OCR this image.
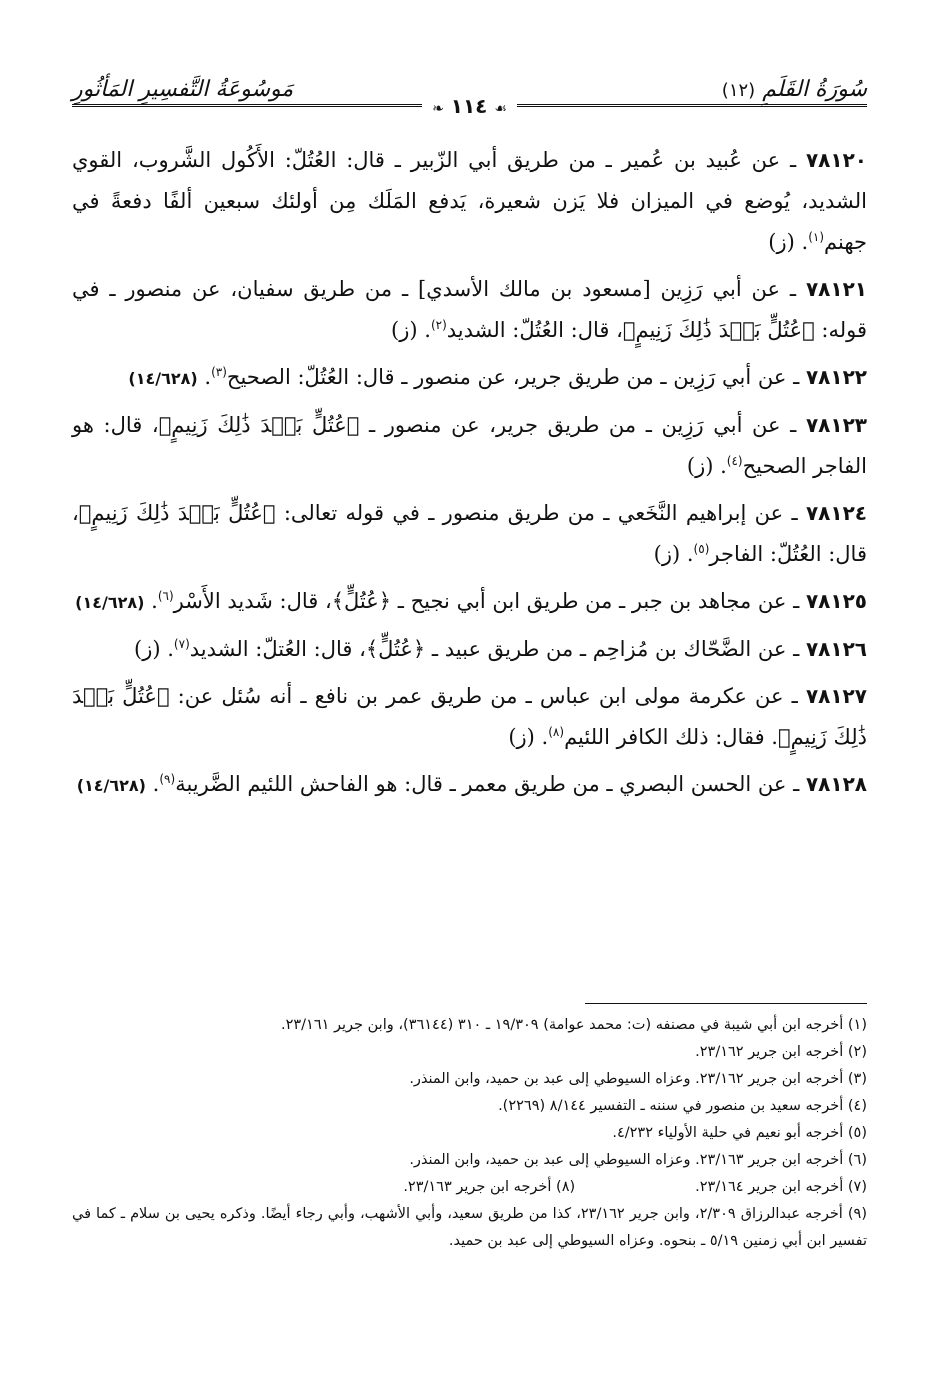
سُورَةُ القَلَمِ (١٢)
مَوسُوعَةُ التَّفسِيرِ المَأثُورِ
☙ ١١٤ ❧

٧٨١٢٠ ـ عن عُبيد بن عُمير ـ من طريق أبي الزّبير ـ قال: العُتُلّ: الأَكُول الشَّروب، القوي الشديد، يُوضع في الميزان فلا يَزن شعيرة، يَدفع المَلَك مِن أولئك سبعين ألفًا دفعةً في جهنم$^{(١)}$. (ز)

٧٨١٢١ ـ عن أبي رَزِين [مسعود بن مالك الأسدي] ـ من طريق سفيان، عن منصور ـ في قوله: ﴿عُتُلٍّ بَعۡدَ ذَٰلِكَ زَنِيمٍ﴾، قال: العُتُلّ: الشديد$^{(٢)}$. (ز)

٧٨١٢٢ ـ عن أبي رَزِين ـ من طريق جرير، عن منصور ـ قال: العُتُلّ: الصحيح$^{(٣)}$. (١٤/٦٢٨)

٧٨١٢٣ ـ عن أبي رَزِين ـ من طريق جرير، عن منصور ـ ﴿عُتُلٍّ بَعۡدَ ذَٰلِكَ زَنِيمٍ﴾، قال: هو الفاجر الصحيح$^{(٤)}$. (ز)

٧٨١٢٤ ـ عن إبراهيم النَّخَعي ـ من طريق منصور ـ في قوله تعالى: ﴿عُتُلٍّ بَعۡدَ ذَٰلِكَ زَنِيمٍ﴾، قال: العُتُلّ: الفاجر$^{(٥)}$. (ز)

٧٨١٢٥ ـ عن مجاهد بن جبر ـ من طريق ابن أبي نجيح ـ ﴿عُتُلٍّ﴾، قال: شَديد الأَسْر$^{(٦)}$. (١٤/٦٢٨)

٧٨١٢٦ ـ عن الضَّحّاك بن مُزاحِم ـ من طريق عبيد ـ ﴿عُتُلٍّ﴾، قال: العُتلّ: الشديد$^{(٧)}$. (ز)

٧٨١٢٧ ـ عن عكرمة مولى ابن عباس ـ من طريق عمر بن نافع ـ أنه سُئل عن: ﴿عُتُلٍّ بَعۡدَ ذَٰلِكَ زَنِيمٍ﴾. فقال: ذلك الكافر اللئيم$^{(٨)}$. (ز)

٧٨١٢٨ ـ عن الحسن البصري ـ من طريق معمر ـ قال: هو الفاحش اللئيم الضَّريبة$^{(٩)}$. (١٤/٦٢٨)

(١) أخرجه ابن أبي شيبة في مصنفه (ت: محمد عوامة) ١٩/٣٠٩ ـ ٣١٠ (٣٦١٤٤)، وابن جرير ٢٣/١٦١.

(٢) أخرجه ابن جرير ٢٣/١٦٢.

(٣) أخرجه ابن جرير ٢٣/١٦٢. وعزاه السيوطي إلى عبد بن حميد، وابن المنذر.

(٤) أخرجه سعيد بن منصور في سننه ـ التفسير ٨/١٤٤ (٢٢٦٩).

(٥) أخرجه أبو نعيم في حلية الأولياء ٤/٢٣٢.

(٦) أخرجه ابن جرير ٢٣/١٦٣. وعزاه السيوطي إلى عبد بن حميد، وابن المنذر.

(٧) أخرجه ابن جرير ٢٣/١٦٤.
(٨) أخرجه ابن جرير ٢٣/١٦٣.

(٩) أخرجه عبدالرزاق ٢/٣٠٩، وابن جرير ٢٣/١٦٢، كذا من طريق سعيد، وأبي الأشهب، وأبي رجاء أيضًا. وذكره يحيى بن سلام ـ كما في تفسير ابن أبي زمنين ٥/١٩ ـ بنحوه. وعزاه السيوطي إلى عبد بن حميد.
